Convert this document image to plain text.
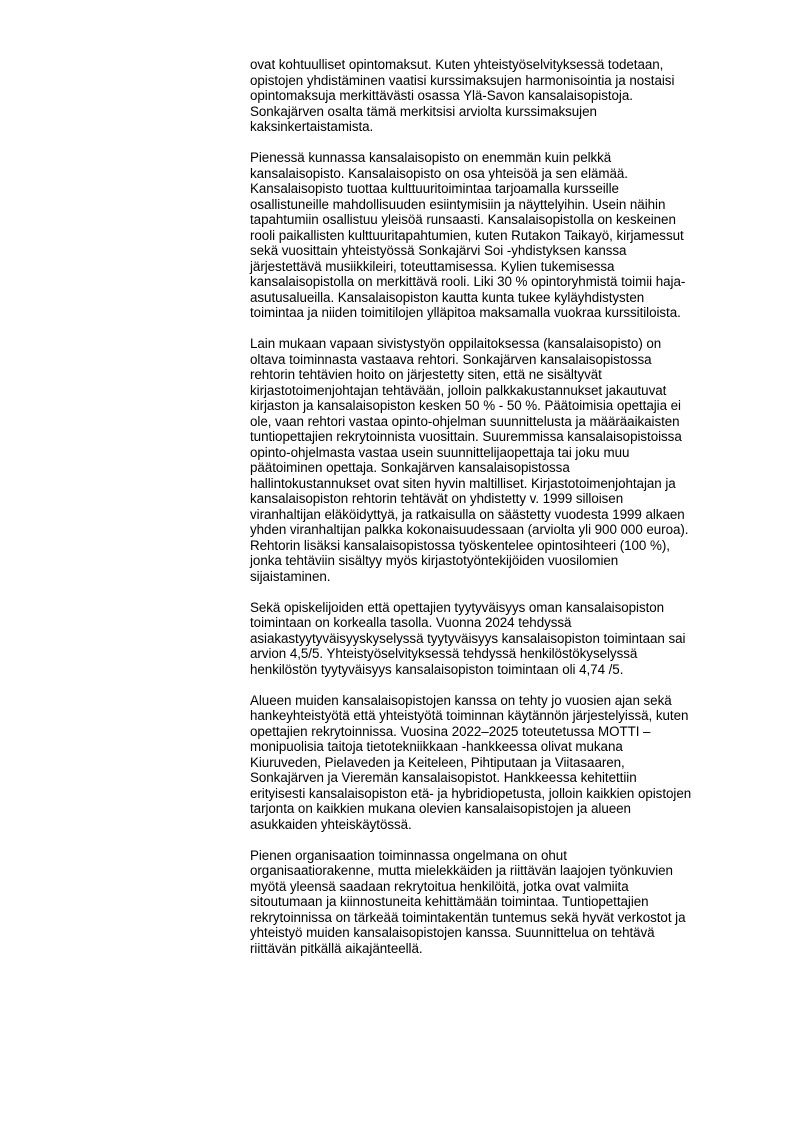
ovat kohtuulliset opintomaksut. Kuten yhteistyöselvityksessä todetaan,
opistojen yhdistäminen vaatisi kurssimaksujen harmonisointia ja nostaisi
opintomaksuja merkittävästi osassa Ylä-Savon kansalaisopistoja.
Sonkajärven osalta tämä merkitsisi arviolta kurssimaksujen
kaksinkertaistamista.

Pienessä kunnassa kansalaisopisto on enemmän kuin pelkkä
kansalaisopisto. Kansalaisopisto on osa yhteisöä ja sen elämää.
Kansalaisopisto tuottaa kulttuuritoimintaa tarjoamalla kursseille
osallistuneille mahdollisuuden esiintymisiin ja näyttelyihin. Usein näihin
tapahtumiin osallistuu yleisöä runsaasti. Kansalaisopistolla on keskeinen
rooli paikallisten kulttuuritapahtumien, kuten Rutakon Taikayö, kirjamessut
sekä vuosittain yhteistyössä Sonkajärvi Soi -yhdistyksen kanssa
järjestettävä musiikkileiri, toteuttamisessa. Kylien tukemisessa
kansalaisopistolla on merkittävä rooli. Liki 30 % opintoryhmistä toimii haja-
asutusalueilla. Kansalaisopiston kautta kunta tukee kyläyhdistysten
toimintaa ja niiden toimitilojen ylläpitoa maksamalla vuokraa kurssitiloista.

Lain mukaan vapaan sivistystyön oppilaitoksessa (kansalaisopisto) on
oltava toiminnasta vastaava rehtori. Sonkajärven kansalaisopistossa
rehtorin tehtävien hoito on järjestetty siten, että ne sisältyvät
kirjastotoimenjohtajan tehtävään, jolloin palkkakustannukset jakautuvat
kirjaston ja kansalaisopiston kesken 50 % - 50 %. Päätoimisia opettajia ei
ole, vaan rehtori vastaa opinto-ohjelman suunnittelusta ja määräaikaisten
tuntiopettajien rekrytoinnista vuosittain. Suuremmissa kansalaisopistoissa
opinto-ohjelmasta vastaa usein suunnittelijaopettaja tai joku muu
päätoiminen opettaja. Sonkajärven kansalaisopistossa
hallintokustannukset ovat siten hyvin maltilliset. Kirjastotoimenjohtajan ja
kansalaisopiston rehtorin tehtävät on yhdistetty v. 1999 silloisen
viranhaltijan eläköidyttyä, ja ratkaisulla on säästetty vuodesta 1999 alkaen
yhden viranhaltijan palkka kokonaisuudessaan (arviolta yli 900 000 euroa).
Rehtorin lisäksi kansalaisopistossa työskentelee opintosihteeri (100 %),
jonka tehtäviin sisältyy myös kirjastotyöntekijöiden vuosilomien
sijaistaminen.

Sekä opiskelijoiden että opettajien tyytyväisyys oman kansalaisopiston
toimintaan on korkealla tasolla. Vuonna 2024 tehdyssä
asiakastyytyväisyyskyselyssä tyytyväisyys kansalaisopiston toimintaan sai
arvion 4,5/5. Yhteistyöselvityksessä tehdyssä henkilöstökyselyssä
henkilöstön tyytyväisyys kansalaisopiston toimintaan oli 4,74 /5.

Alueen muiden kansalaisopistojen kanssa on tehty jo vuosien ajan sekä
hankeyhteistyötä että yhteistyötä toiminnan käytännön järjestelyissä, kuten
opettajien rekrytoinnissa. Vuosina 2022–2025 toteutetussa MOTTI –
monipuolisia taitoja tietotekniikkaan -hankkeessa olivat mukana
Kiuruveden, Pielaveden ja Keiteleen, Pihtiputaan ja Viitasaaren,
Sonkajärven ja Vieremän kansalaisopistot. Hankkeessa kehitettiin
erityisesti kansalaisopiston etä- ja hybridiopetusta, jolloin kaikkien opistojen
tarjonta on kaikkien mukana olevien kansalaisopistojen ja alueen
asukkaiden yhteiskäytössä.

Pienen organisaation toiminnassa ongelmana on ohut
organisaatiorakenne, mutta mielekkäiden ja riittävän laajojen työnkuvien
myötä yleensä saadaan rekrytoitua henkilöitä, jotka ovat valmiita
sitoutumaan ja kiinnostuneita kehittämään toimintaa. Tuntiopettajien
rekrytoinnissa on tärkeää toimintakentän tuntemus sekä hyvät verkostot ja
yhteistyö muiden kansalaisopistojen kanssa. Suunnittelua on tehtävä
riittävän pitkällä aikajänteellä.
